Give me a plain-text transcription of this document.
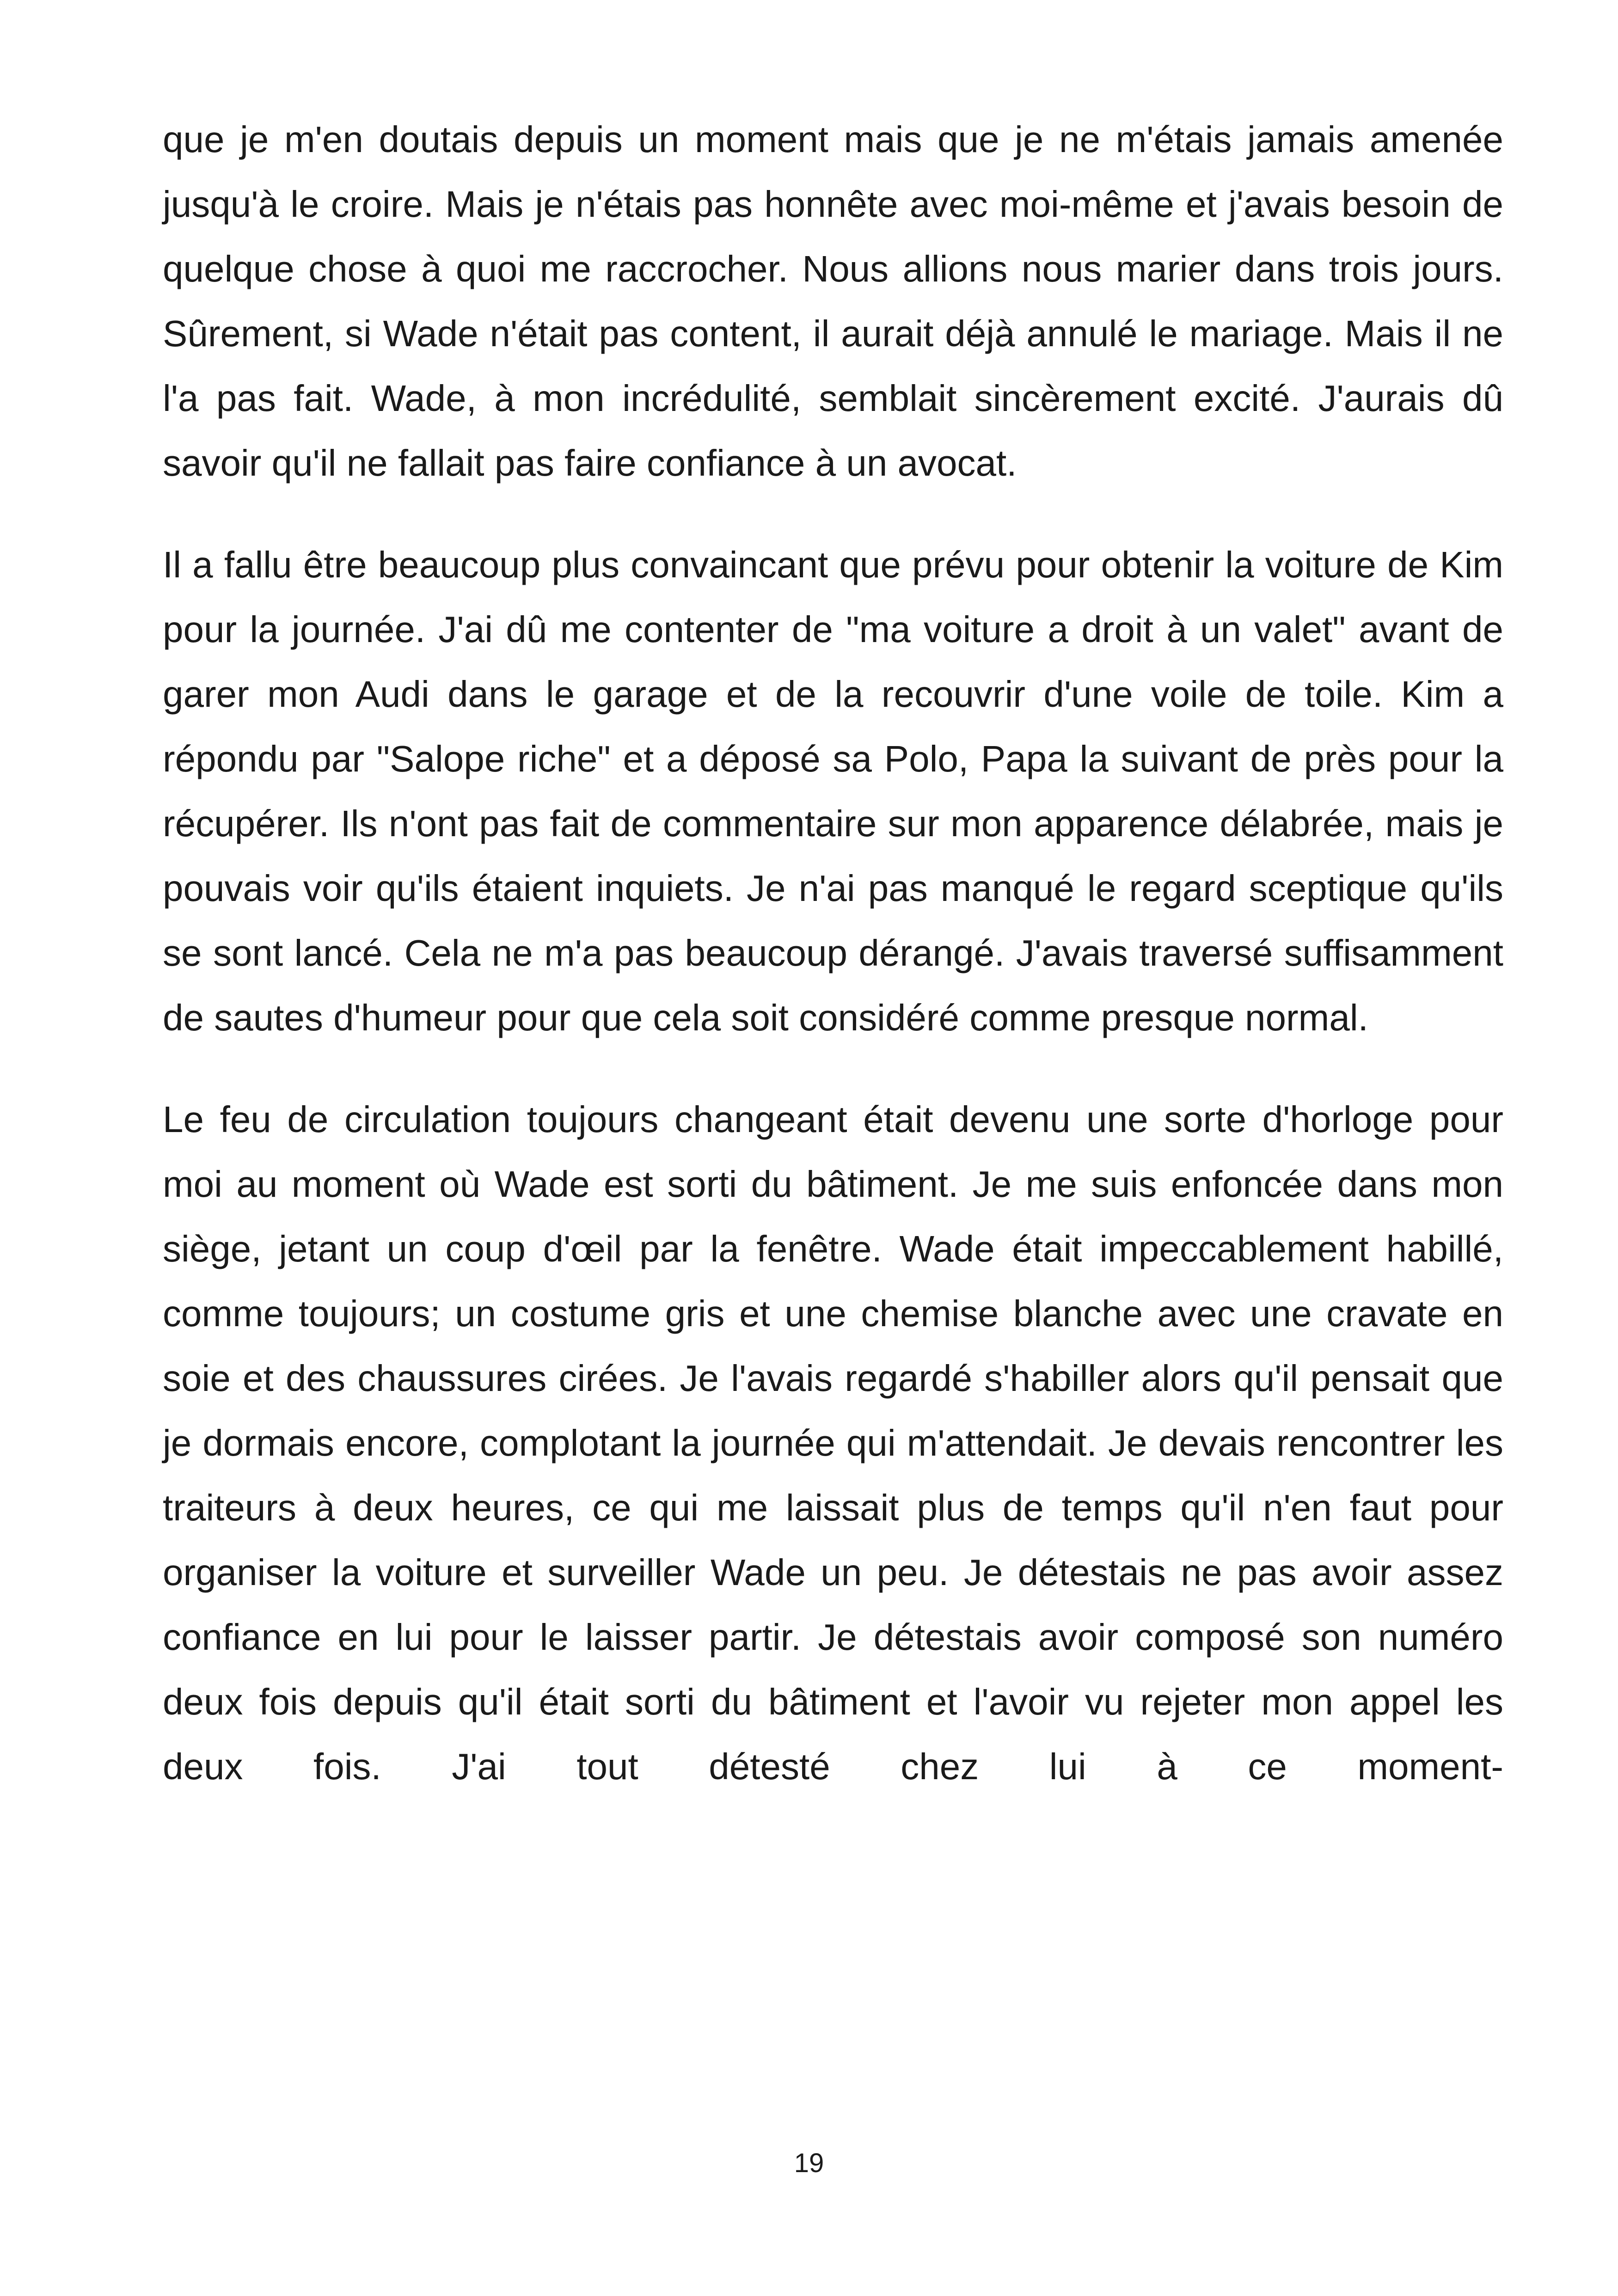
que je m'en doutais depuis un moment mais que je ne m'étais jamais amenée jusqu'à le croire. Mais je n'étais pas honnête avec moi-même et j'avais besoin de quelque chose à quoi me raccrocher. Nous allions nous marier dans trois jours. Sûrement, si Wade n'était pas content, il aurait déjà annulé le mariage. Mais il ne l'a pas fait. Wade, à mon incrédulité, semblait sincèrement excité. J'aurais dû savoir qu'il ne fallait pas faire confiance à un avocat.

Il a fallu être beaucoup plus convaincant que prévu pour obtenir la voiture de Kim pour la journée. J'ai dû me contenter de "ma voiture a droit à un valet" avant de garer mon Audi dans le garage et de la recouvrir d'une voile de toile. Kim a répondu par "Salope riche" et a déposé sa Polo, Papa la suivant de près pour la récupérer. Ils n'ont pas fait de commentaire sur mon apparence délabrée, mais je pouvais voir qu'ils étaient inquiets. Je n'ai pas manqué le regard sceptique qu'ils se sont lancé. Cela ne m'a pas beaucoup dérangé. J'avais traversé suffisamment de sautes d'humeur pour que cela soit considéré comme presque normal.

Le feu de circulation toujours changeant était devenu une sorte d'horloge pour moi au moment où Wade est sorti du bâtiment. Je me suis enfoncée dans mon siège, jetant un coup d'œil par la fenêtre. Wade était impeccablement habillé, comme toujours; un costume gris et une chemise blanche avec une cravate en soie et des chaussures cirées. Je l'avais regardé s'habiller alors qu'il pensait que je dormais encore, complotant la journée qui m'attendait. Je devais rencontrer les traiteurs à deux heures, ce qui me laissait plus de temps qu'il n'en faut pour organiser la voiture et surveiller Wade un peu. Je détestais ne pas avoir assez confiance en lui pour le laisser partir. Je détestais avoir composé son numéro deux fois depuis qu'il était sorti du bâtiment et l'avoir vu rejeter mon appel les deux fois. J'ai tout détesté chez lui à ce moment-

19
